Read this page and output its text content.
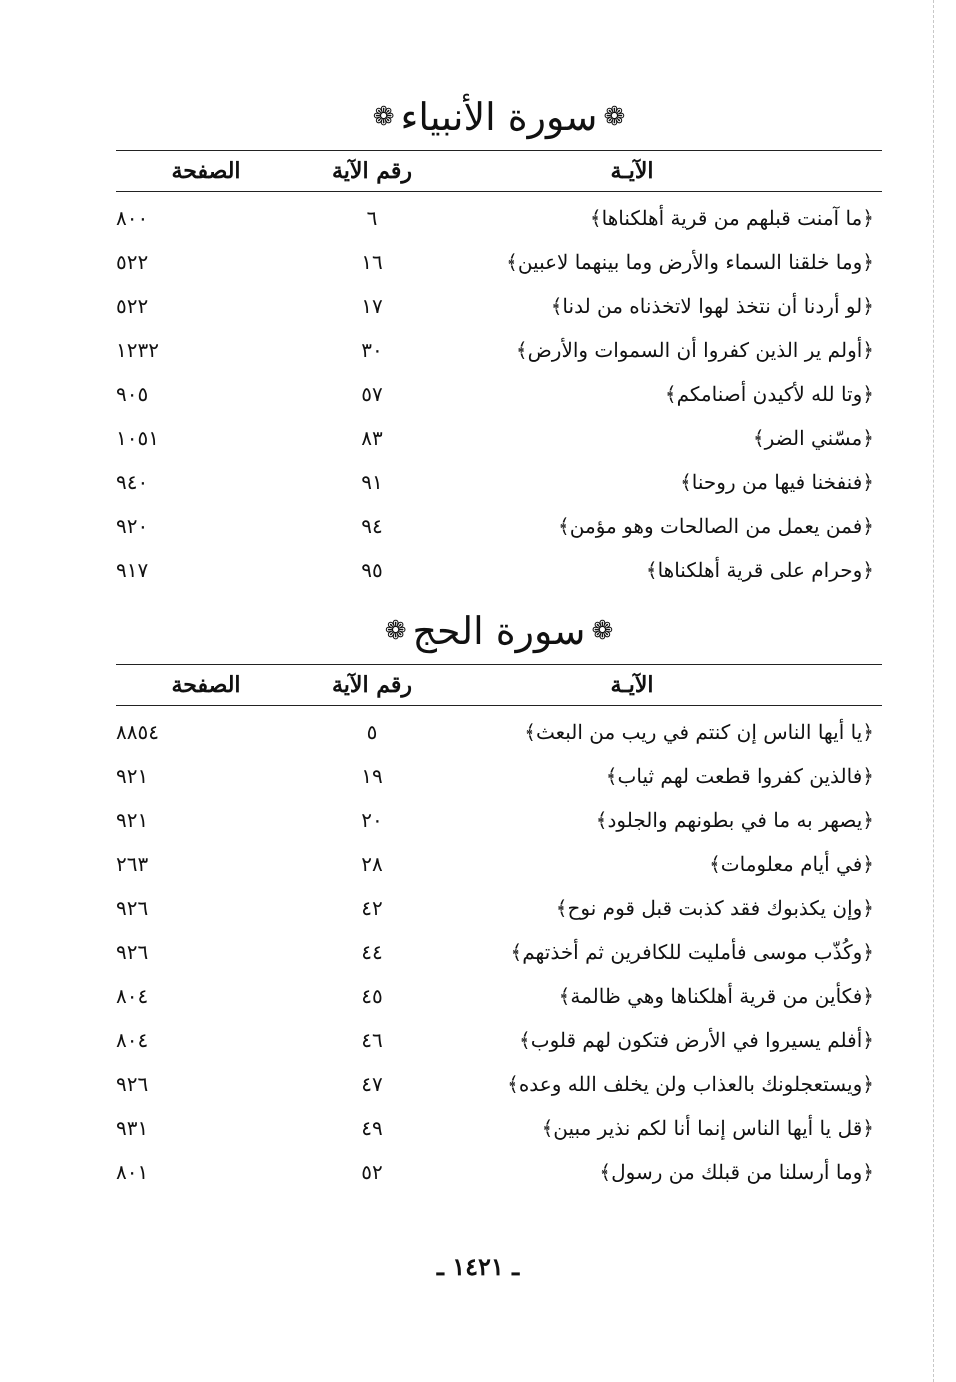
❁
سورة الأنبياء
❁
الآيـة
رقم الآية
الصفحة
﴿ما آمنت قبلهم من قرية أهلكناها﴾
٦
٨٠٠
﴿وما خلقنا السماء والأرض وما بينهما لاعبين﴾
١٦
٥٢٢
﴿لو أردنا أن نتخذ لهوا لاتخذناه من لدنا﴾
١٧
٥٢٢
﴿أولم ير الذين كفروا أن السموات والأرض﴾
٣٠
١٢٣٢
﴿وتا لله لأكيدن أصنامكم﴾
٥٧
٩٠٥
﴿مسّني الضر﴾
٨٣
١٠٥١
﴿فنفخنا فيها من روحنا﴾
٩١
٩٤٠
﴿فمن يعمل من الصالحات وهو مؤمن﴾
٩٤
٩٢٠
﴿وحرام على قرية أهلكناها﴾
٩٥
٩١٧
❁
سورة الحج
❁
الآيـة
رقم الآية
الصفحة
﴿يا أيها الناس إن كنتم في ريب من البعث﴾
٥
٨٨٥٤
﴿فالذين كفروا قطعت لهم ثياب﴾
١٩
٩٢١
﴿يصهر به ما في بطونهم والجلود﴾
٢٠
٩٢١
﴿في أيام معلومات﴾
٢٨
٢٦٣
﴿وإن يكذبوك فقد كذبت قبل قوم نوح﴾
٤٢
٩٢٦
﴿وكُذّب موسى فأمليت للكافرين ثم أخذتهم﴾
٤٤
٩٢٦
﴿فكأين من قرية أهلكناها وهي ظالمة﴾
٤٥
٨٠٤
﴿أفلم يسيروا في الأرض فتكون لهم قلوب﴾
٤٦
٨٠٤
﴿ويستعجلونك بالعذاب ولن يخلف الله وعده﴾
٤٧
٩٢٦
﴿قل يا أيها الناس إنما أنا لكم نذير مبين﴾
٤٩
٩٣١
﴿وما أرسلنا من قبلك من رسول﴾
٥٢
٨٠١
ـ ١٤٢١ ـ
